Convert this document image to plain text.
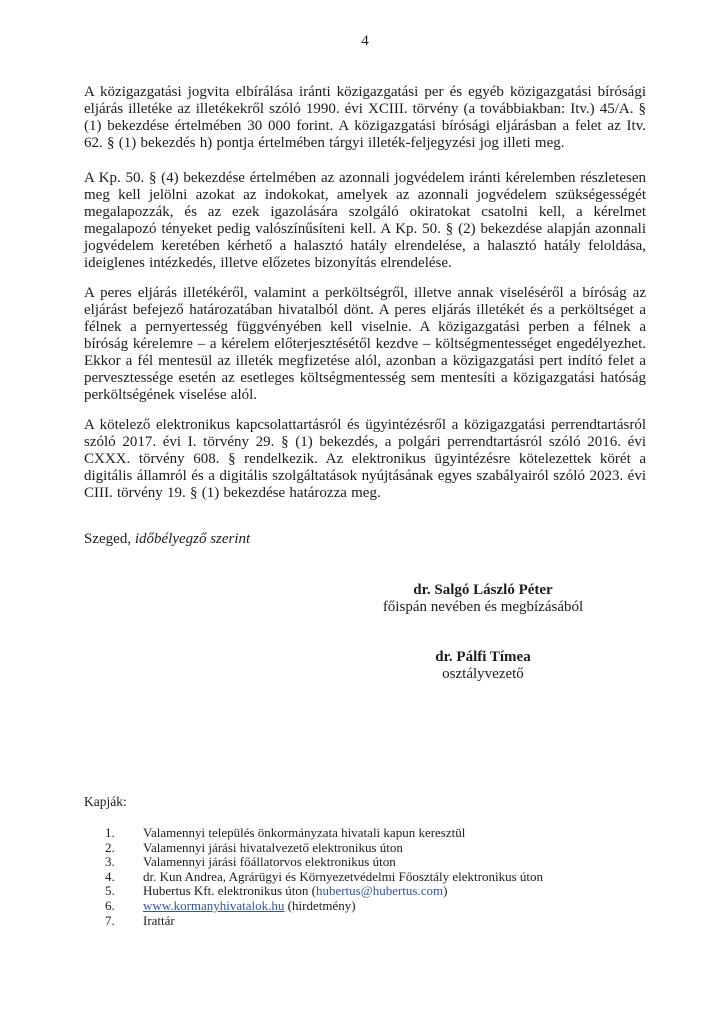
4

A közigazgatási jogvita elbírálása iránti közigazgatási per és egyéb közigazgatási bírósági eljárás illetéke az illetékekről szóló 1990. évi XCIII. törvény (a továbbiakban: Itv.) 45/A. § (1) bekezdése értelmében 30 000 forint. A közigazgatási bírósági eljárásban a felet az Itv. 62. § (1) bekezdés h) pontja értelmében tárgyi illeték-feljegyzési jog illeti meg.

A Kp. 50. § (4) bekezdése értelmében az azonnali jogvédelem iránti kérelemben részletesen meg kell jelölni azokat az indokokat, amelyek az azonnali jogvédelem szükségességét megalapozzák, és az ezek igazolására szolgáló okiratokat csatolni kell, a kérelmet megalapozó tényeket pedig valószínűsíteni kell. A Kp. 50. § (2) bekezdése alapján azonnali jogvédelem keretében kérhető a halasztó hatály elrendelése, a halasztó hatály feloldása, ideiglenes intézkedés, illetve előzetes bizonyítás elrendelése.

A peres eljárás illetékéről, valamint a perköltségről, illetve annak viseléséről a bíróság az eljárást befejező határozatában hivatalból dönt. A peres eljárás illetékét és a perköltséget a félnek a pernyertesség függvényében kell viselnie. A közigazgatási perben a félnek a bíróság kérelemre – a kérelem előterjesztésétől kezdve – költségmentességet engedélyezhet. Ekkor a fél mentesül az illeték megfizetése alól, azonban a közigazgatási pert indító felet a pervesztessége esetén az esetleges költségmentesség sem mentesíti a közigazgatási hatóság perköltségének viselése alól.

A kötelező elektronikus kapcsolattartásról és ügyintézésről a közigazgatási perrendtartásról szóló 2017. évi I. törvény 29. § (1) bekezdés, a polgári perrendtartásról szóló 2016. évi CXXX. törvény 608. § rendelkezik. Az elektronikus ügyintézésre kötelezettek körét a digitális államról és a digitális szolgáltatások nyújtásának egyes szabályairól szóló 2023. évi CIII. törvény 19. § (1) bekezdése határozza meg.

Szeged, időbélyegző szerint
dr. Salgó László Péter
főispán nevében és megbízásából
dr. Pálfi Tímea
osztályvezető
Kapják:
1.	Valamennyi település önkormányzata hivatali kapun keresztül
2.	Valamennyi járási hivatalvezető elektronikus úton
3.	Valamennyi járási főállatorvos elektronikus úton
4.	dr. Kun Andrea, Agrárügyi és Környezetvédelmi Főosztály elektronikus úton
5.	Hubertus Kft. elektronikus úton (hubertus@hubertus.com)
6.	www.kormanyhivatalok.hu (hirdetmény)
7.	Irattár
